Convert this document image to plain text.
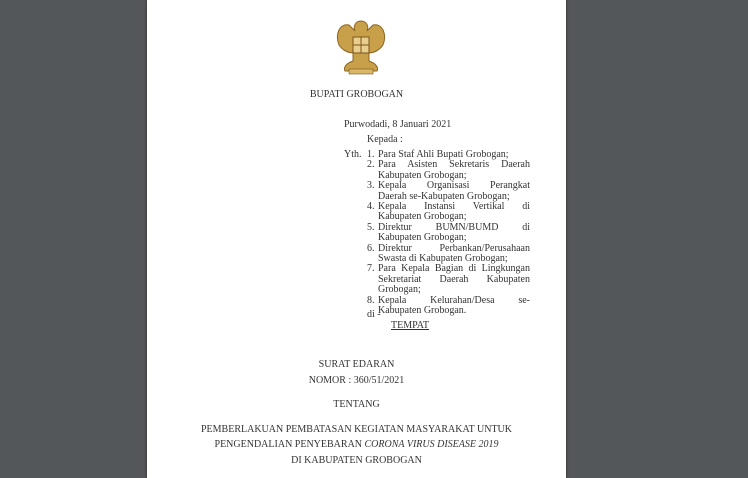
BUPATI GROBOGAN
Purwodadi, 8 Januari 2021
Kepada :
Yth. 1. Para Staf Ahli Bupati Grobogan;
2. Para Asisten Sekretaris Daerah
Kabupaten Grobogan;
3. Kepala Organisasi Perangkat
Daerah se-Kabupaten Grobogan;
4. Kepala Instansi Vertikal di
Kabupaten Grobogan;
5. Direktur BUMN/BUMD di
Kabupaten Grobogan;
6. Direktur Perbankan/Perusahaan
Swasta di Kabupaten Grobogan;
7. Para Kepala Bagian di Lingkungan
Sekretariat Daerah Kabupaten
Grobogan;
8. Kepala Kelurahan/Desa se-
Kabupaten Grobogan.
di -
TEMPAT
SURAT EDARAN
NOMOR : 360/51/2021
TENTANG
PEMBERLAKUAN PEMBATASAN KEGIATAN MASYARAKAT UNTUK
PENGENDALIAN PENYEBARAN CORONA VIRUS DISEASE 2019
DI KABUPATEN GROBOGAN
